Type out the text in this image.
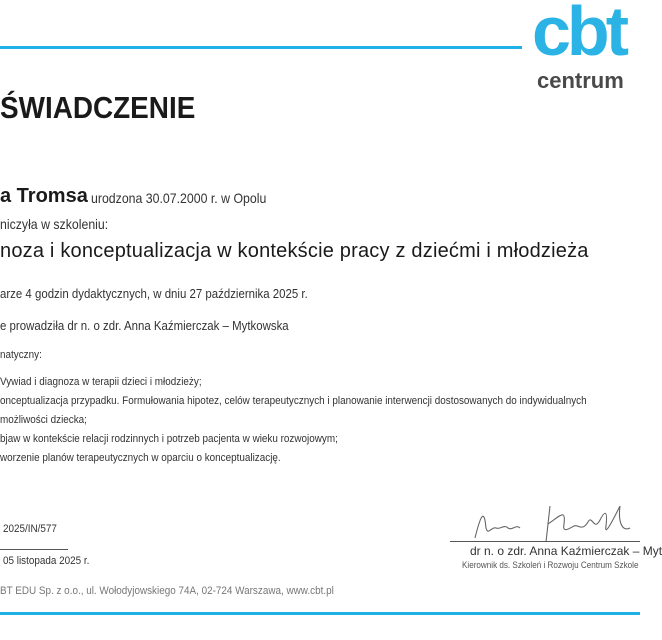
cbt
centrum
ŚWIADCZENIE
a Tromsa urodzona 30.07.2000 r. w Opolu
niczyła w szkoleniu:
noza i konceptualizacja w kontekście pracy z dziećmi i młodzieża
arze 4 godzin dydaktycznych, w dniu 27 października 2025 r.
e prowadziła dr n. o zdr. Anna Kaźmierczak – Mytkowska
natyczny:
Vywiad i diagnoza w terapii dzieci i młodzieży;
onceptualizacja przypadku. Formułowania hipotez, celów terapeutycznych i planowanie interwencji dostosowanych do indywidualnych
możliwości dziecka;
bjaw w kontekście relacji rodzinnych i potrzeb pacjenta w wieku rozwojowym;
worzenie planów terapeutycznych w oparciu o konceptualizację.
2025/IN/577
05 listopada 2025 r.
BT EDU Sp. z o.o., ul. Wołodyjowskiego 74A, 02-724 Warszawa, www.cbt.pl
dr n. o zdr. Anna Kaźmierczak – Myt
Kierownik ds. Szkoleń i Rozwoju Centrum Szkole
